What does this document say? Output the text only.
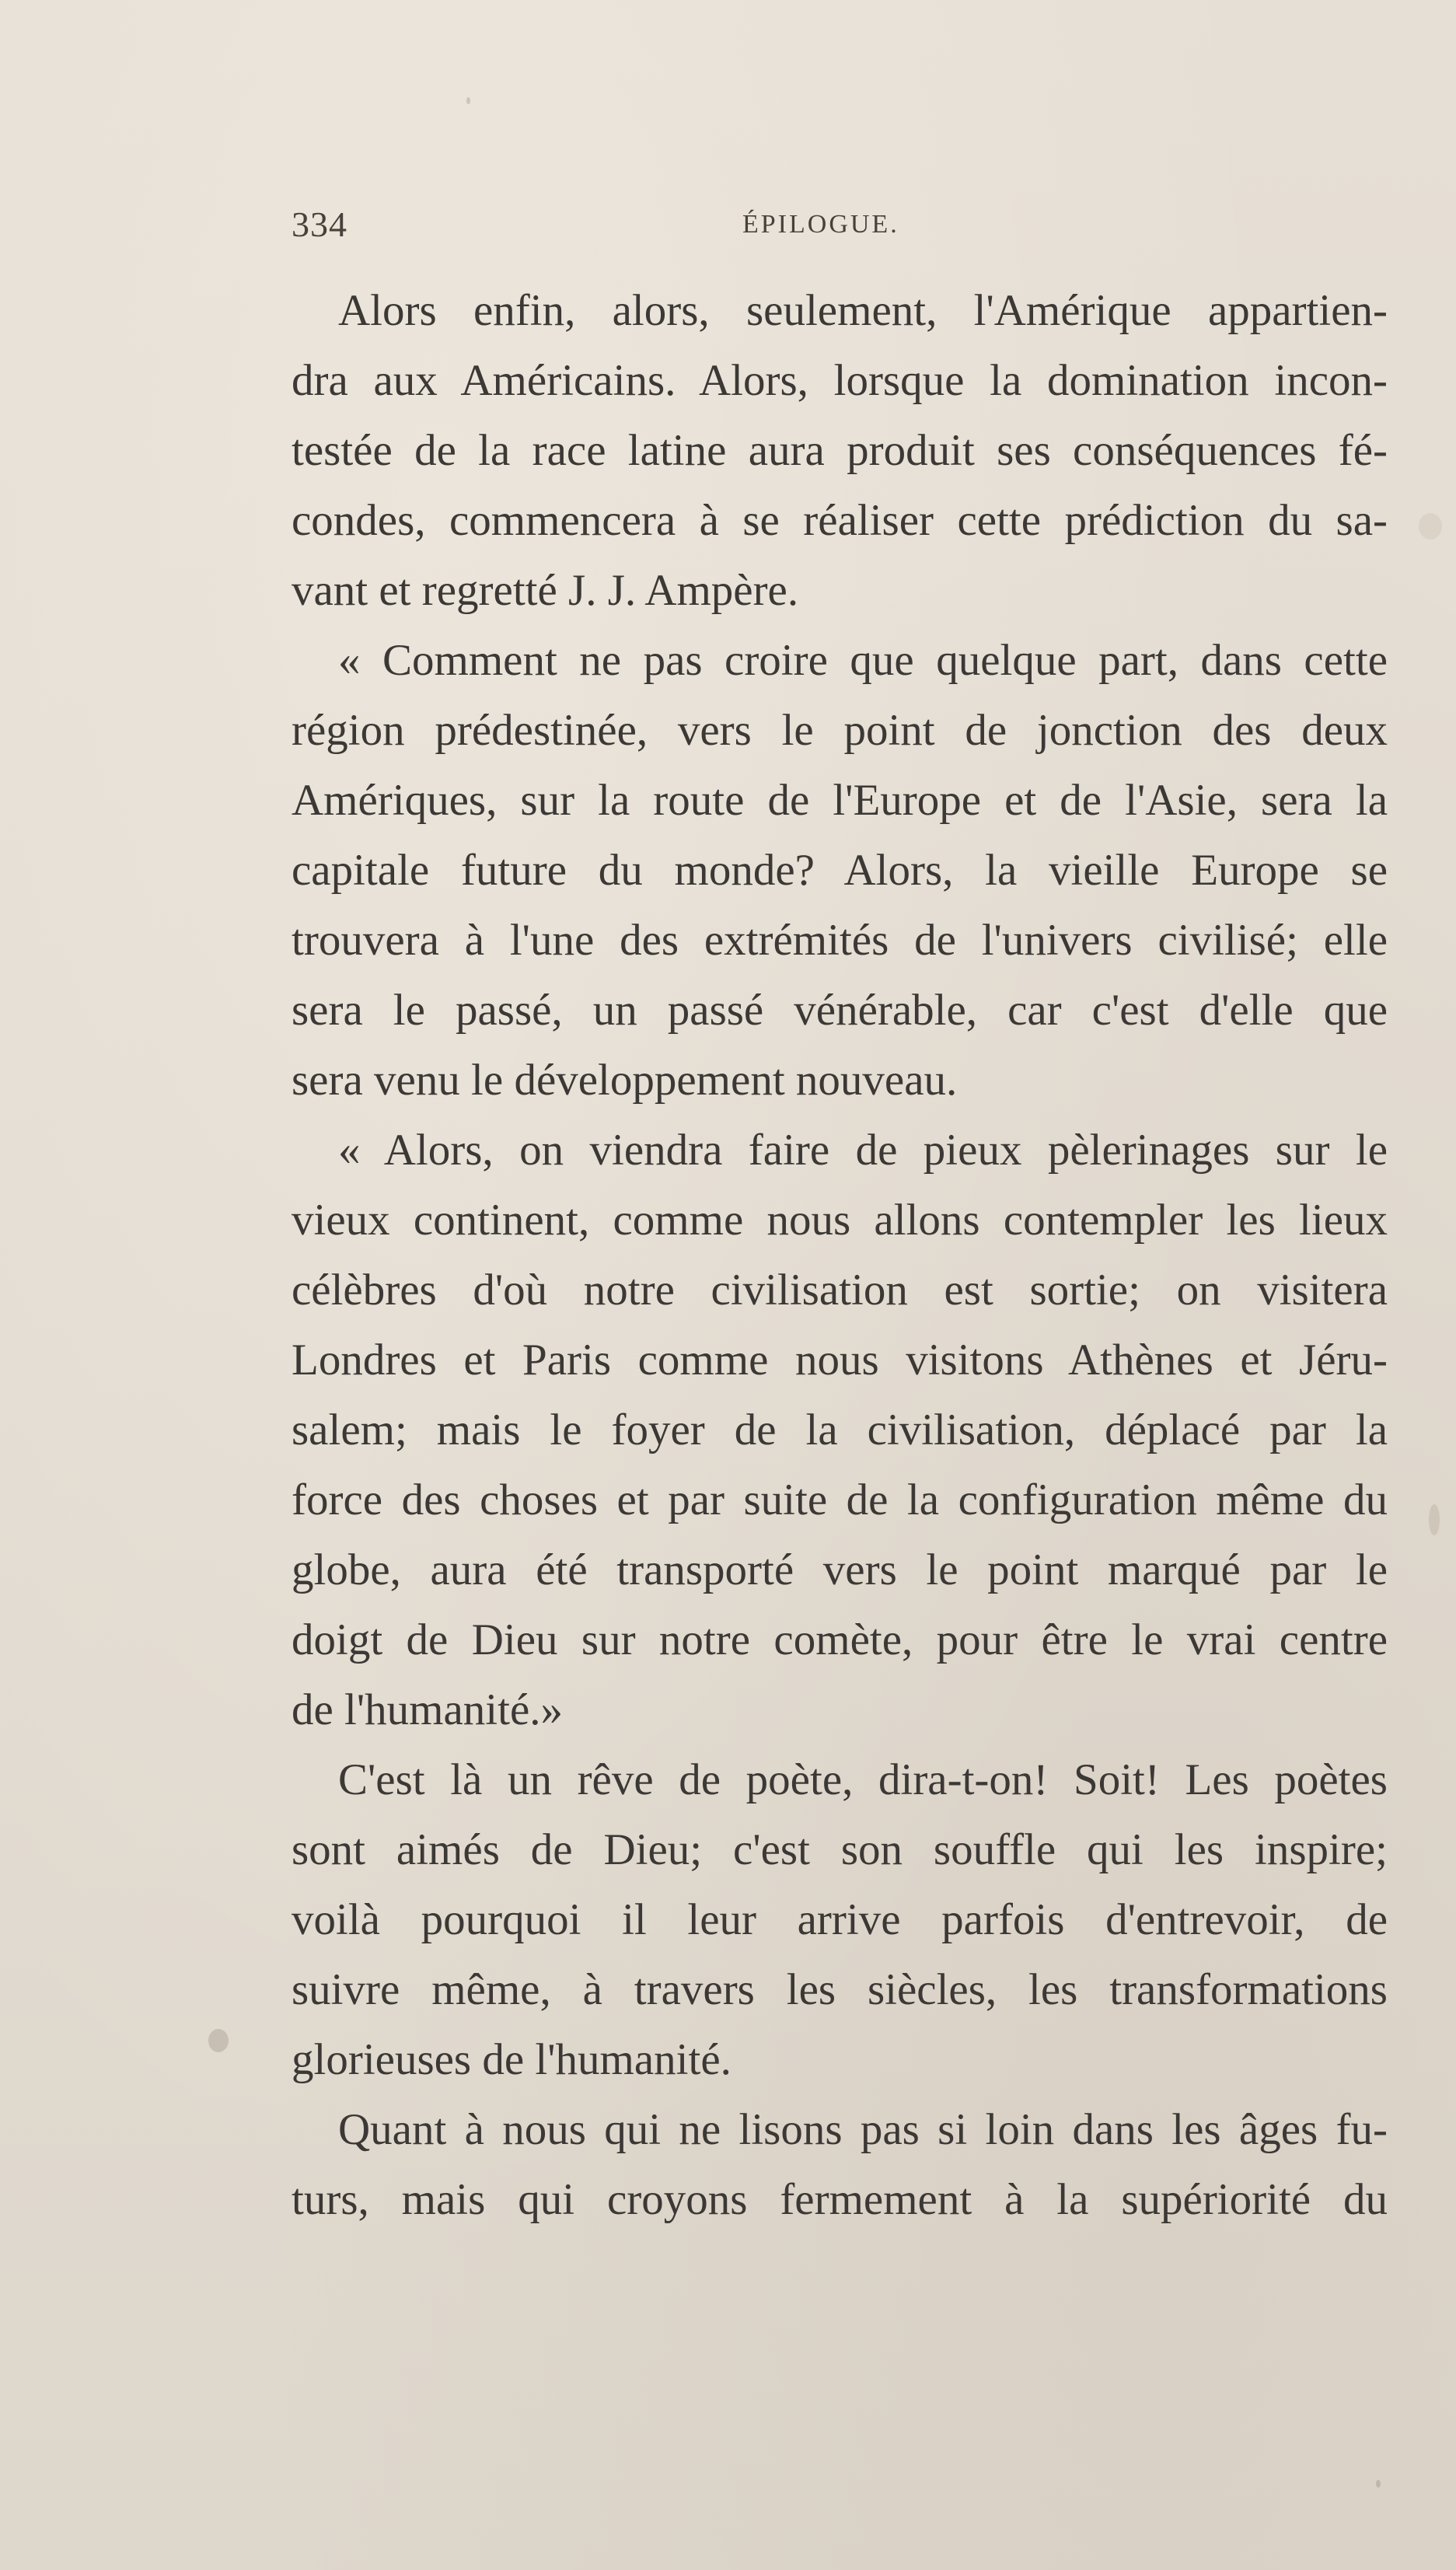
334	ÉPILOGUE.
Alors enfin, alors, seulement, l'Amérique appartien-
dra aux Américains. Alors, lorsque la domination incon-
testée de la race latine aura produit ses conséquences fé-
condes, commencera à se réaliser cette prédiction du sa-
vant et regretté J. J. Ampère.
« Comment ne pas croire que quelque part, dans cette
région prédestinée, vers le point de jonction des deux
Amériques, sur la route de l'Europe et de l'Asie, sera la
capitale future du monde? Alors, la vieille Europe se
trouvera à l'une des extrémités de l'univers civilisé; elle
sera le passé, un passé vénérable, car c'est d'elle que
sera venu le développement nouveau.
« Alors, on viendra faire de pieux pèlerinages sur le
vieux continent, comme nous allons contempler les lieux
célèbres d'où notre civilisation est sortie; on visitera
Londres et Paris comme nous visitons Athènes et Jéru-
salem; mais le foyer de la civilisation, déplacé par la
force des choses et par suite de la configuration même du
globe, aura été transporté vers le point marqué par le
doigt de Dieu sur notre comète, pour être le vrai centre
de l'humanité.»
C'est là un rêve de poète, dira-t-on! Soit! Les poètes
sont aimés de Dieu; c'est son souffle qui les inspire;
voilà pourquoi il leur arrive parfois d'entrevoir, de
suivre même, à travers les siècles, les transformations
glorieuses de l'humanité.
Quant à nous qui ne lisons pas si loin dans les âges fu-
turs, mais qui croyons fermement à la supériorité du
